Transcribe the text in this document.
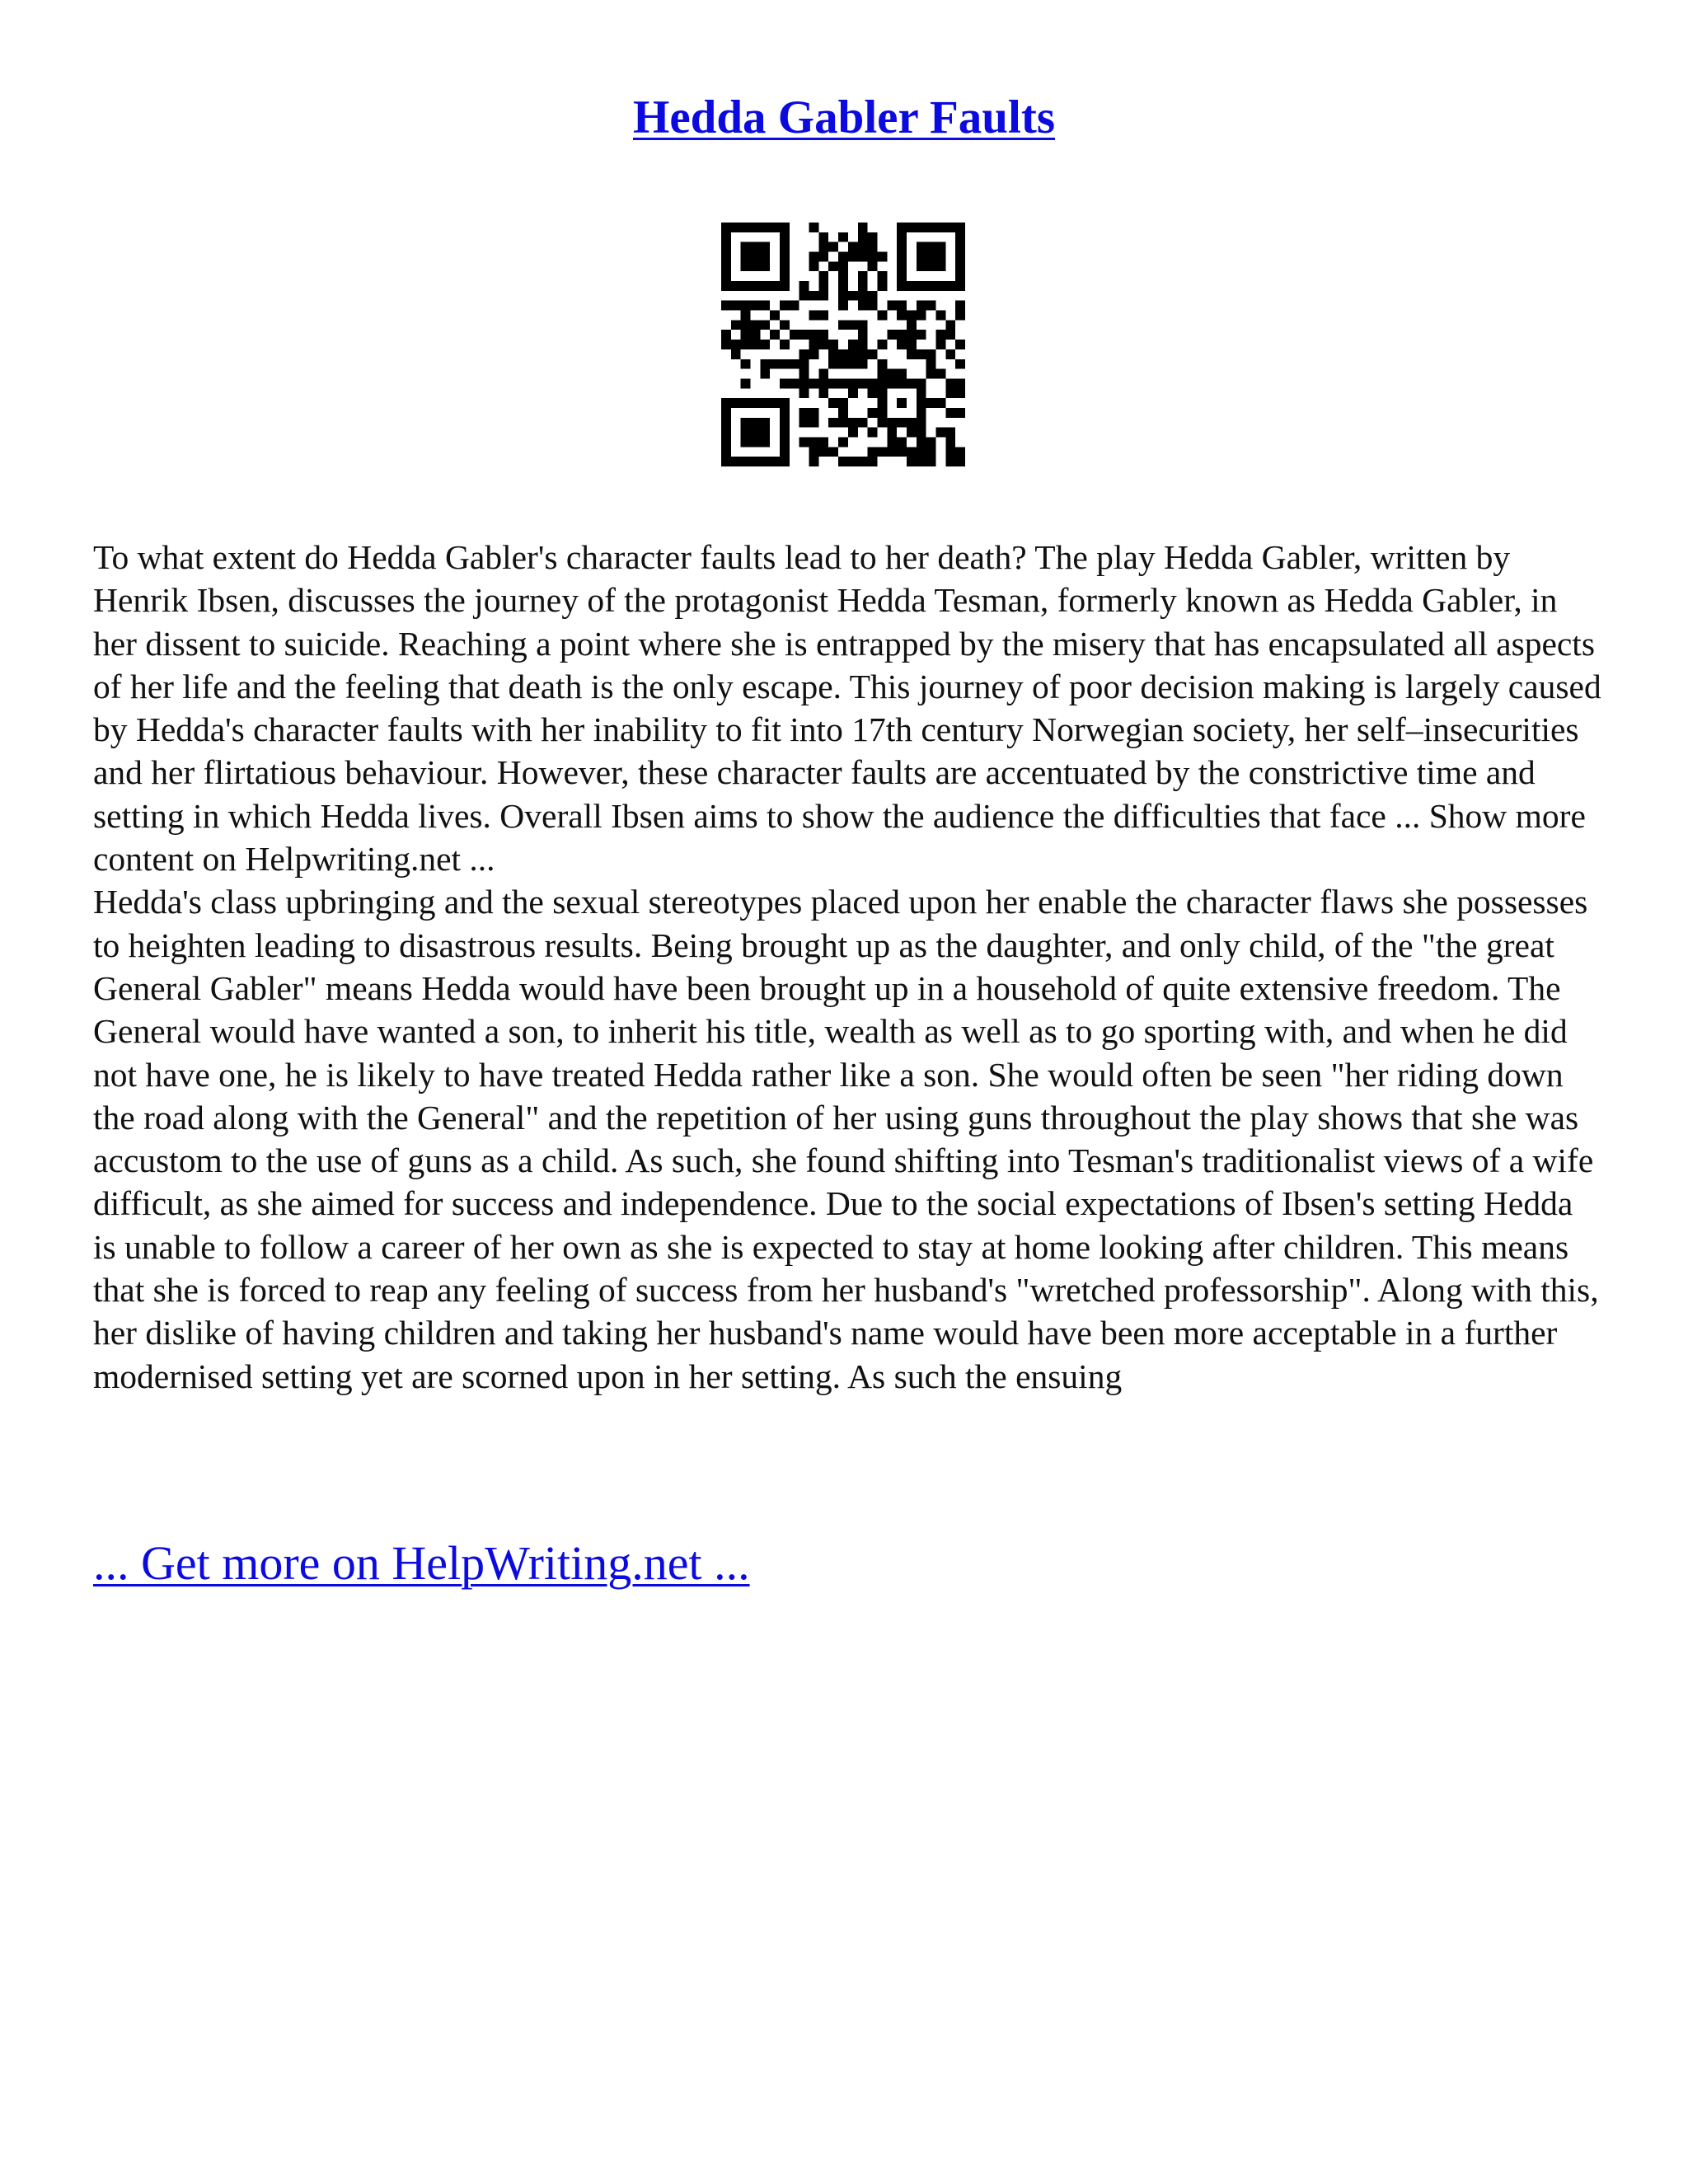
Hedda Gabler Faults

To what extent do Hedda Gabler's character faults lead to her death? The play Hedda Gabler, written by Henrik Ibsen, discusses the journey of the protagonist Hedda Tesman, formerly known as Hedda Gabler, in her dissent to suicide. Reaching a point where she is entrapped by the misery that has encapsulated all aspects of her life and the feeling that death is the only escape. This journey of poor decision making is largely caused by Hedda's character faults with her inability to fit into 17th century Norwegian society, her self–insecurities and her flirtatious behaviour. However, these character faults are accentuated by the constrictive time and setting in which Hedda lives. Overall Ibsen aims to show the audience the difficulties that face ... Show more content on Helpwriting.net ...

Hedda's class upbringing and the sexual stereotypes placed upon her enable the character flaws she possesses to heighten leading to disastrous results. Being brought up as the daughter, and only child, of the "the great General Gabler" means Hedda would have been brought up in a household of quite extensive freedom. The General would have wanted a son, to inherit his title, wealth as well as to go sporting with, and when he did not have one, he is likely to have treated Hedda rather like a son. She would often be seen "her riding down the road along with the General" and the repetition of her using guns throughout the play shows that she was accustom to the use of guns as a child. As such, she found shifting into Tesman's traditionalist views of a wife difficult, as she aimed for success and independence. Due to the social expectations of Ibsen's setting Hedda is unable to follow a career of her own as she is expected to stay at home looking after children. This means that she is forced to reap any feeling of success from her husband's "wretched professorship". Along with this, her dislike of having children and taking her husband's name would have been more acceptable in a further modernised setting yet are scorned upon in her setting. As such the ensuing

... Get more on HelpWriting.net ...
